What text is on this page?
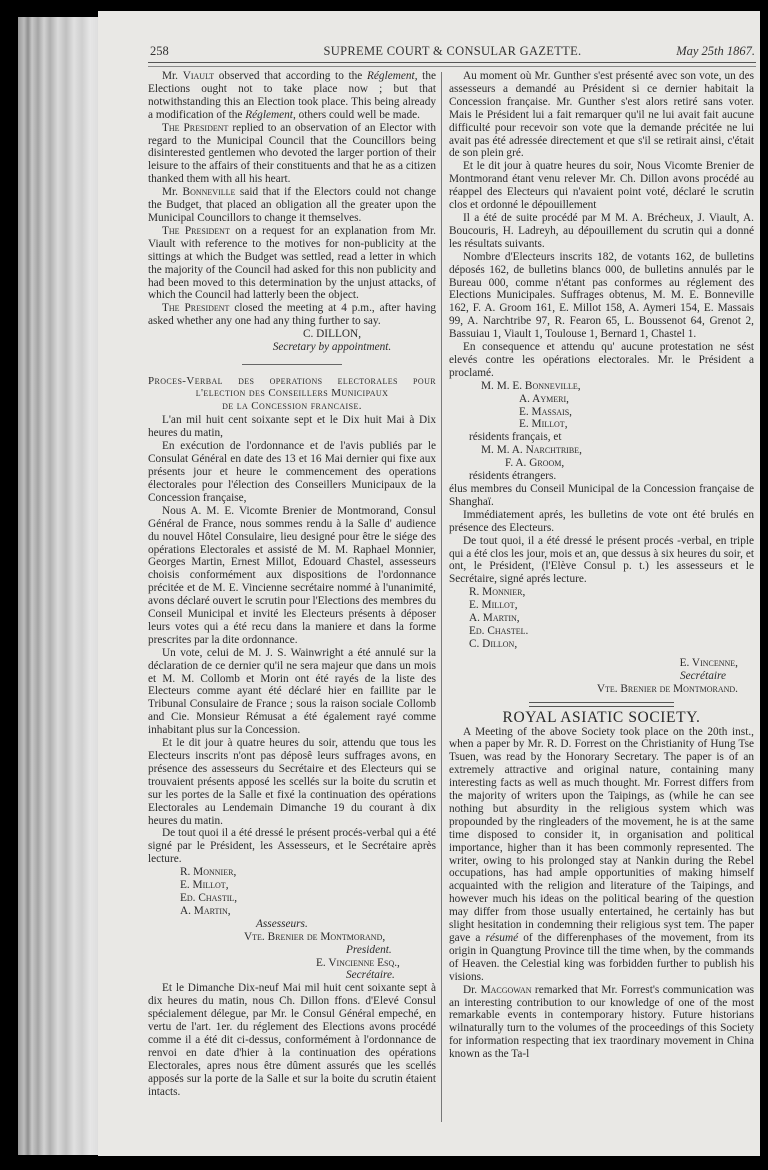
258	SUPREME COURT & CONSULAR GAZETTE.	May 25th 1867.

Mr. Viault observed that according to the Réglement, the Elections ought not to take place now ; but that notwithstanding this an Election took place. This being already a modification of the Réglement, others could well be made.

The President replied to an observation of an Elector with regard to the Municipal Council that the Councillors being disinterested gentlemen who devoted the larger portion of their leisure to the affairs of their constituents and that he as a citizen thanked them with all his heart.

Mr. Bonneville said that if the Electors could not change the Budget, that placed an obligation all the greater upon the Municipal Councillors to change it themselves.

The President on a request for an explanation from Mr. Viault with reference to the motives for non-publicity at the sittings at which the Budget was settled, read a letter in which the majority of the Council had asked for this non publicity and had been moved to this determination by the unjust attacks, of which the Council had latterly been the object.

The President closed the meeting at 4 p.m., after having asked whether any one had any thing further to say.

C. DILLON,

Secretary by appointment.

Proces-Verbal des operations electorales pour

l'election des Conseillers Municipaux

de la Concession francaise.

L'an mil huit cent soixante sept et le Dix huit Mai à Dix heures du matin,

En exécution de l'ordonnance et de l'avis publiés par le Consulat Général en date des 13 et 16 Mai dernier qui fixe aux présents jour et heure le commencement des operations électorales pour l'élection des Conseillers Municipaux de la Concession française,

Nous A. M. E. Vicomte Brenier de Montmorand, Consul Général de France, nous sommes rendu à la Salle d' audience du nouvel Hôtel Consulaire, lieu designé pour être le siége des opérations Electorales et assisté de M. M. Raphael Monnier, Georges Martin, Ernest Millot, Edouard Chastel, assesseurs choisis conformément aux dispositions de l'ordonnance précitée et de M. E. Vincienne secrétaire nommé à l'unanimité, avons déclaré ouvert le scrutin pour l'Elections des membres du Conseil Municipal et invité les Electeurs présents à déposer leurs votes qui a été recu dans la maniere et dans la forme prescrites par la dite ordonnance.

Un vote, celui de M. J. S. Wainwright a été annulé sur la déclaration de ce dernier qu'il ne sera majeur que dans un mois et M. M. Collomb et Morin ont été rayés de la liste des Electeurs comme ayant été déclaré hier en faillite par le Tribunal Consulaire de France ; sous la raison sociale Collomb and Cie. Monsieur Rémusat a été également rayé comme inhabitant plus sur la Concession.

Et le dit jour à quatre heures du soir, attendu que tous les Electeurs inscrits n'ont pas déposê leurs suffrages avons, en présence des assesseurs du Secrétaire et des Electeurs qui se trouvaient présents apposé les scellés sur la boite du scrutin et sur les portes de la Salle et fixé la continuation des opérations Electorales au Lendemain Dimanche 19 du courant à dix heures du matin.

De tout quoi il a été dressé le présent procés-verbal qui a été signé par le Président, les Assesseurs, et le Secrétaire après lecture.

R. Monnier,

E. Millot,

Ed. Chastil,

A. Martin,

Assesseurs.

Vte. Brenier de Montmorand,

President.

E. Vincienne Esq.,

Secrétaire.

Et le Dimanche Dix-neuf Mai mil huit cent soixante sept à dix heures du matin, nous Ch. Dillon ffons. d'Elevé Consul spécialement délegue, par Mr. le Consul Général empeché, en vertu de l'art. 1er. du réglement des Elections avons procédé comme il a été dit ci-dessus, conformément à l'ordonnance de renvoi en date d'hier à la continuation des opérations Electorales, apres nous être dûment assurés que les scellés apposés sur la porte de la Salle et sur la boite du scrutin étaient intacts.

Au moment où Mr. Gunther s'est présenté avec son vote, un des assesseurs a demandé au Président si ce dernier habitait la Concession française. Mr. Gunther s'est alors retiré sans voter. Mais le Président lui a fait remarquer qu'il ne lui avait fait aucune difficulté pour recevoir son vote que la demande précitée ne lui avait pas été adressée directement et que s'il se retirait ainsi, c'était de son plein gré.

Et le dit jour à quatre heures du soir, Nous Vicomte Brenier de Montmorand étant venu relever Mr. Ch. Dillon avons procédé au réappel des Electeurs qui n'avaient point voté, déclaré le scrutin clos et ordonné le dépouillement

Il a été de suite procédé par M M. A. Brécheux, J. Viault, A. Boucouris, H. Ladreyh, au dépouillement du scrutin qui a donné les résultats suivants.

Nombre d'Electeurs inscrits 182, de votants 162, de bulletins déposés 162, de bulletins blancs 000, de bulletins annulés par le Bureau 000, comme n'étant pas conformes au réglement des Elections Municipales. Suffrages obtenus, M. M. E. Bonneville 162, F. A. Groom 161, E. Millot 158, A. Aymeri 154, E. Massais 99, A. Narchtribe 97, R. Fearon 65, L. Boussenot 64, Grenot 2, Bassuiau 1, Viault 1, Toulouse 1, Bernard 1, Chastel 1.

En consequence et attendu qu' aucune protestation ne sést elevés contre les opérations electorales. Mr. le Président a proclamé.

M. M. E. Bonneville,

A. Aymeri,

E. Massais,

E. Millot,

résidents français, et

M. M. A. Narchtribe,

F. A. Groom,

résidents étrangers.

élus membres du Conseil Municipal de la Concession française de Shanghaï.

Immédiatement aprés, les bulletins de vote ont été brulés en présence des Electeurs.

De tout quoi, il a été dressé le présent procés -verbal, en triple qui a été clos les jour, mois et an, que dessus à six heures du soir, et ont, le Président, (l'Elève Consul p. t.) les assesseurs et le Secrétaire, signé aprés lecture.

R. Monnier,

E. Millot,

A. Martin,

Ed. Chastel.

C. Dillon,

E. Vincenne,

Secrétaire

Vte. Brenier de Montmorand.

ROYAL ASIATIC SOCIETY.

A Meeting of the above Society took place on the 20th inst., when a paper by Mr. R. D. Forrest on the Christianity of Hung Tse Tsuen, was read by the Honorary Secretary. The paper is of an extremely attractive and original nature, containing many interesting facts as well as much thought. Mr. Forrest differs from the majority of writers upon the Taipings, as (while he can see nothing but absurdity in the religious system which was propounded by the ringleaders of the movement, he is at the same time disposed to consider it, in organisation and political importance, higher than it has been commonly represented. The writer, owing to his prolonged stay at Nankin during the Rebel occupations, has had ample opportunities of making himself acquainted with the religion and literature of the Taipings, and however much his ideas on the political bearing of the question may differ from those usually entertained, he certainly has but slight hesitation in condemning their religious syst tem. The paper gave a résumé of the differenphases of the movement, from its origin in Quangtung Province till the time when, by the commands of Heaven. the Celestial king was forbidden further to publish his visions.

Dr. Macgowan remarked that Mr. Forrest's communication was an interesting contribution to our knowledge of one of the most remarkable events in contemporary history. Future historians wilnaturally turn to the volumes of the proceedings of this Society for information respecting that iex traordinary movement in China known as the Ta-l
